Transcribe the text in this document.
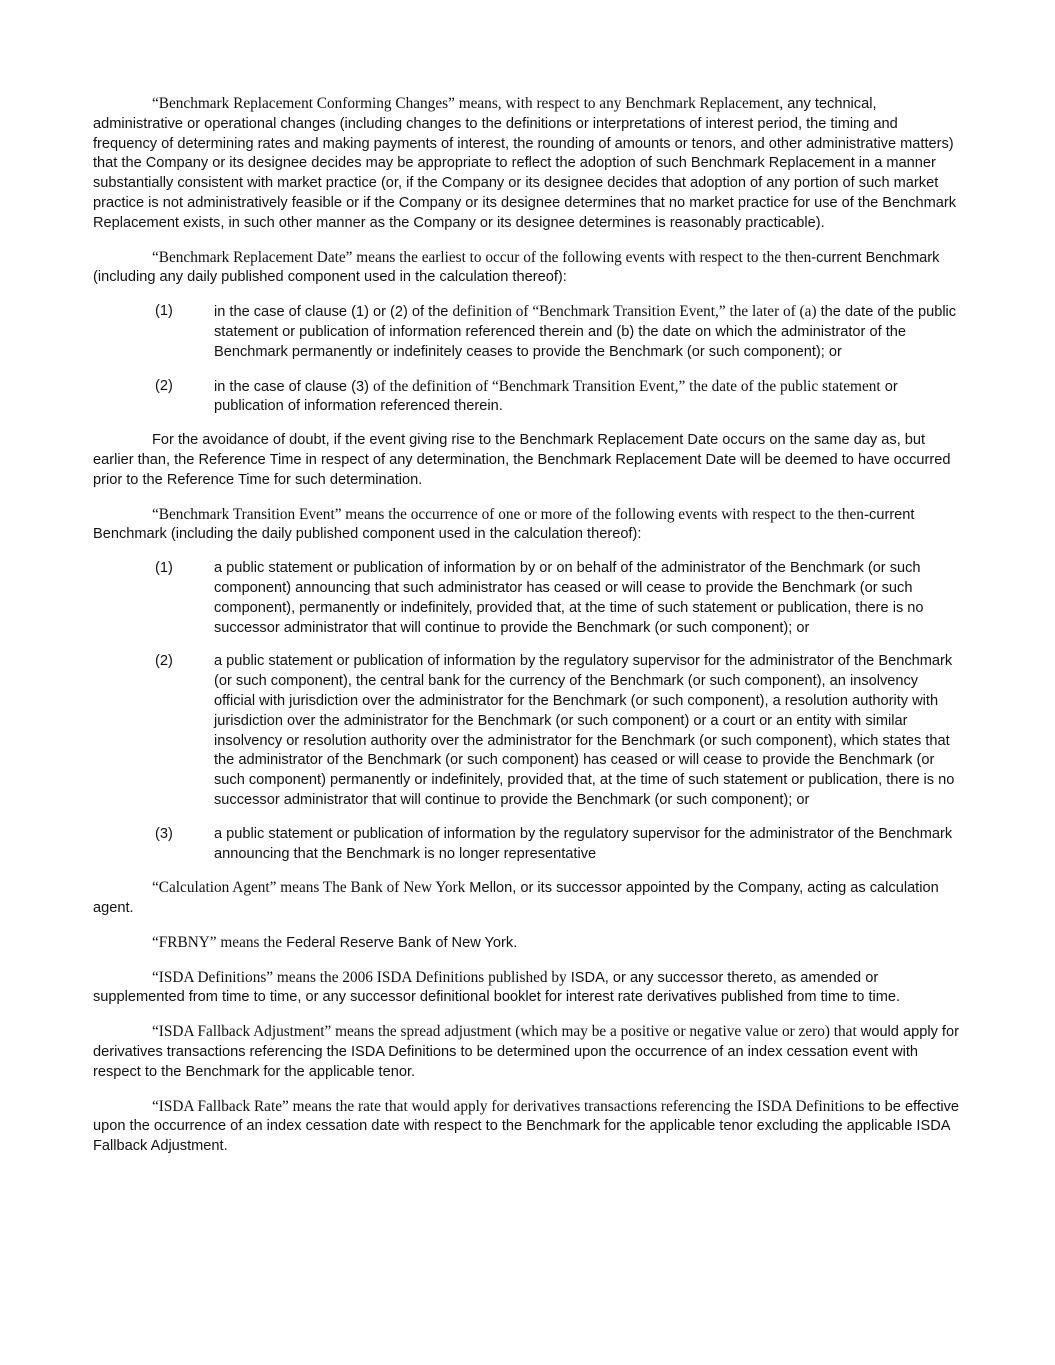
“Benchmark Replacement Conforming Changes” means, with respect to any Benchmark Replacement, any technical, administrative or operational changes (including changes to the definitions or interpretations of interest period, the timing and frequency of determining rates and making payments of interest, the rounding of amounts or tenors, and other administrative matters) that the Company or its designee decides may be appropriate to reflect the adoption of such Benchmark Replacement in a manner substantially consistent with market practice (or, if the Company or its designee decides that adoption of any portion of such market practice is not administratively feasible or if the Company or its designee determines that no market practice for use of the Benchmark Replacement exists, in such other manner as the Company or its designee determines is reasonably practicable).

“Benchmark Replacement Date” means the earliest to occur of the following events with respect to the then-current Benchmark (including any daily published component used in the calculation thereof):

(1)	in the case of clause (1) or (2) of the definition of “Benchmark Transition Event,” the later of (a) the date of the public statement or publication of information referenced therein and (b) the date on which the administrator of the Benchmark permanently or indefinitely ceases to provide the Benchmark (or such component); or
(2)	in the case of clause (3) of the definition of “Benchmark Transition Event,” the date of the public statement or publication of information referenced therein.

For the avoidance of doubt, if the event giving rise to the Benchmark Replacement Date occurs on the same day as, but earlier than, the Reference Time in respect of any determination, the Benchmark Replacement Date will be deemed to have occurred prior to the Reference Time for such determination.

“Benchmark Transition Event” means the occurrence of one or more of the following events with respect to the then-current Benchmark (including the daily published component used in the calculation thereof):

(1)	a public statement or publication of information by or on behalf of the administrator of the Benchmark (or such component) announcing that such administrator has ceased or will cease to provide the Benchmark (or such component), permanently or indefinitely, provided that, at the time of such statement or publication, there is no successor administrator that will continue to provide the Benchmark (or such component); or
(2)	a public statement or publication of information by the regulatory supervisor for the administrator of the Benchmark (or such component), the central bank for the currency of the Benchmark (or such component), an insolvency official with jurisdiction over the administrator for the Benchmark (or such component), a resolution authority with jurisdiction over the administrator for the Benchmark (or such component) or a court or an entity with similar insolvency or resolution authority over the administrator for the Benchmark (or such component), which states that the administrator of the Benchmark (or such component) has ceased or will cease to provide the Benchmark (or such component) permanently or indefinitely, provided that, at the time of such statement or publication, there is no successor administrator that will continue to provide the Benchmark (or such component); or
(3)	a public statement or publication of information by the regulatory supervisor for the administrator of the Benchmark announcing that the Benchmark is no longer representative

“Calculation Agent” means The Bank of New York Mellon, or its successor appointed by the Company, acting as calculation agent.

“FRBNY” means the Federal Reserve Bank of New York.

“ISDA Definitions” means the 2006 ISDA Definitions published by ISDA, or any successor thereto, as amended or supplemented from time to time, or any successor definitional booklet for interest rate derivatives published from time to time.

“ISDA Fallback Adjustment” means the spread adjustment (which may be a positive or negative value or zero) that would apply for derivatives transactions referencing the ISDA Definitions to be determined upon the occurrence of an index cessation event with respect to the Benchmark for the applicable tenor.

“ISDA Fallback Rate” means the rate that would apply for derivatives transactions referencing the ISDA Definitions to be effective upon the occurrence of an index cessation date with respect to the Benchmark for the applicable tenor excluding the applicable ISDA Fallback Adjustment.
